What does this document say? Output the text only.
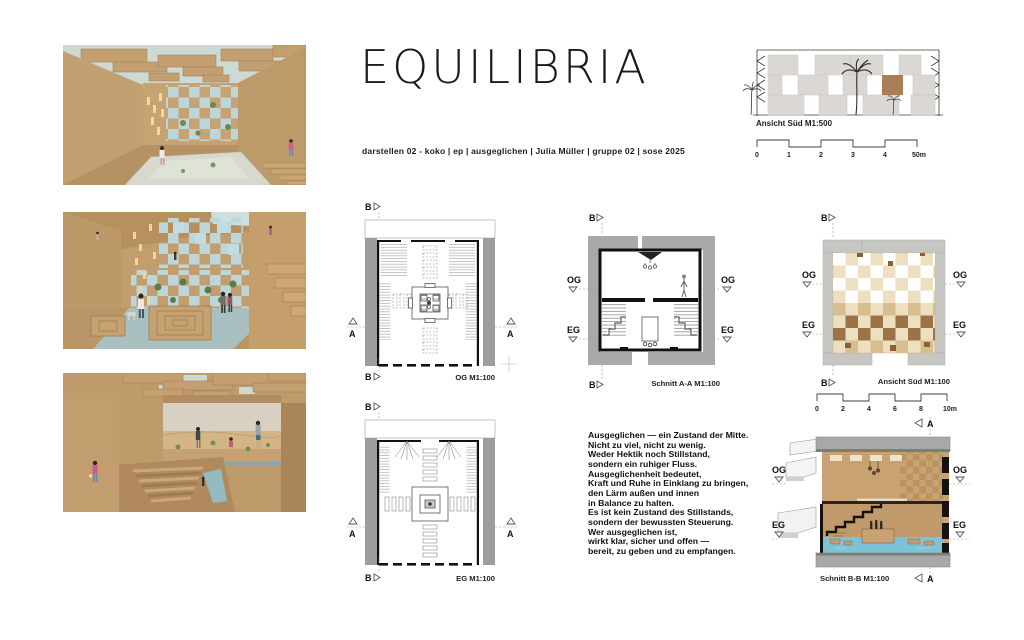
EQUILIBRIA
darstellen 02 - koko | ep | ausgeglichen | Julia Müller | gruppe 02 | sose 2025
Ansicht Süd M1:500
0	1	2	3	4	50m
B
A	A
B	OG M1:100
B
A	A
B	EG M1:100
B
OG	OG
EG	EG
B	Schnitt A-A M1:100
B
OG	OG
EG	EG
B	Ansicht Süd M1:100
0	2	4	6	8	10m
Ausgeglichen — ein Zustand der Mitte.
Nicht zu viel, nicht zu wenig.
Weder Hektik noch Stillstand,
sondern ein ruhiger Fluss.
Ausgeglichenheit bedeutet,
Kraft und Ruhe in Einklang zu bringen,
den Lärm außen und innen
in Balance zu halten.
Es ist kein Zustand des Stillstands,
sondern der bewussten Steuerung.
Wer ausgeglichen ist,
wirkt klar, sicher und offen —
bereit, zu geben und zu empfangen.
A
OG
EG
OG
EG
A
Schnitt B-B M1:100
